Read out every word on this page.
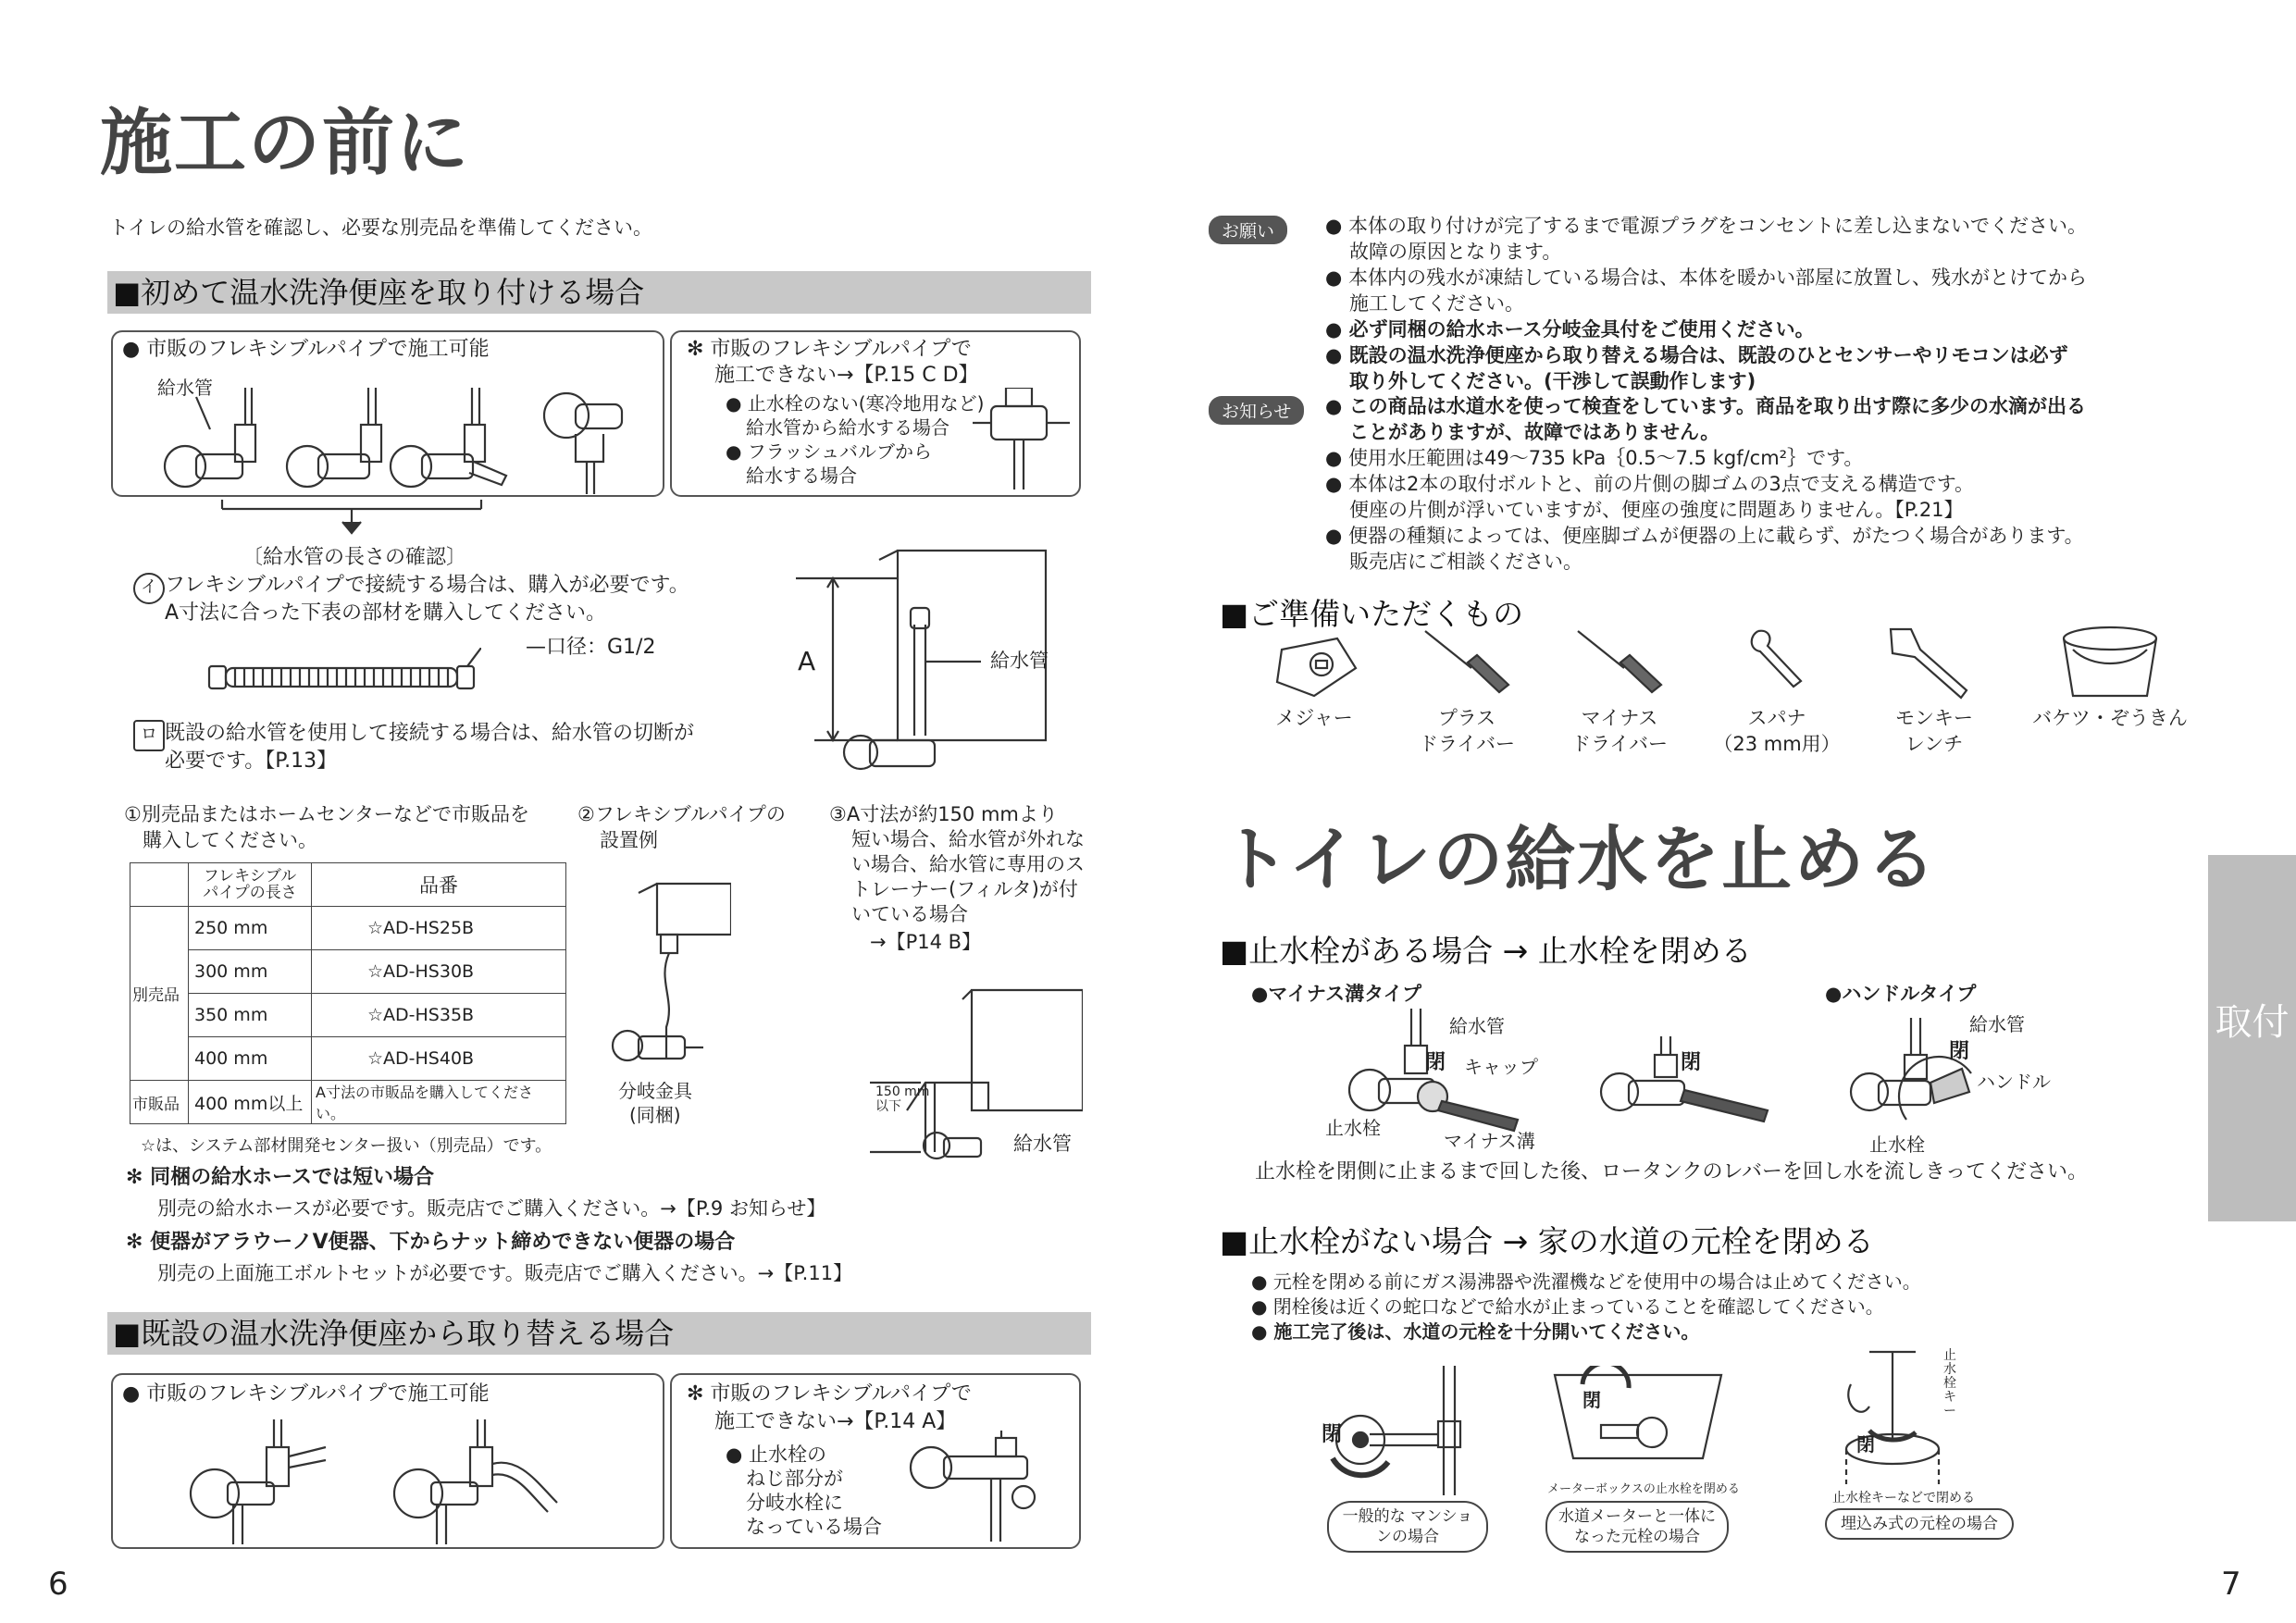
施工の前に
トイレの給水管を確認し、必要な別売品を準備してください。
■初めて温水洗浄便座を取り付ける場合
● 市販のフレキシブルパイプで施工可能
給水管
✻ 市販のフレキシブルパイプで
施工できない→【P.15 C D】
● 止水栓のない(寒冷地用など)
給水管から給水する場合
● フラッシュバルブから
給水する場合
〔給水管の長さの確認〕
イ フレキシブルパイプで接続する場合は、購入が必要です。
A寸法に合った下表の部材を購入してください。
—口径：G1/2
ロ 既設の給水管を使用して接続する場合は、給水管の切断が
必要です。【P.13】
A	給水管
①別売品またはホームセンターなどで市販品を
購入してください。
②フレキシブルパイプの
設置例
③A寸法が約150 mmより
短い場合、給水管が外れな
い場合、給水管に専用のス
トレーナー(フィルタ)が付
いている場合
→【P14 B】
	フレキシブル パイプの長さ	品番
別売品	250 mm	☆AD-HS25B
	300 mm	☆AD-HS30B
	350 mm	☆AD-HS35B
	400 mm	☆AD-HS40B
市販品	400 mm以上	A寸法の市販品を購入してください。
☆は、システム部材開発センター扱い（別売品）です。
分岐金具
(同梱)
150 mm 以下
給水管
✻ 同梱の給水ホースでは短い場合
別売の給水ホースが必要です。販売店でご購入ください。→【P.9 お知らせ】
✻ 便器がアラウーノV便器、下からナット締めできない便器の場合
別売の上面施工ボルトセットが必要です。販売店でご購入ください。→【P.11】
■既設の温水洗浄便座から取り替える場合
● 市販のフレキシブルパイプで施工可能	✻ 市販のフレキシブルパイプで
施工できない→【P.14 A】
● 止水栓の
ねじ部分が
分岐水栓に
なっている場合
6
お願い	● 本体の取り付けが完了するまで電源プラグをコンセントに差し込まないでください。
故障の原因となります。
● 本体内の残水が凍結している場合は、本体を暖かい部屋に放置し、残水がとけてから
施工してください。
● 必ず同梱の給水ホース分岐金具付をご使用ください。
● 既設の温水洗浄便座から取り替える場合は、既設のひとセンサーやリモコンは必ず
取り外してください。(干渉して誤動作します)
お知らせ	● この商品は水道水を使って検査をしています。商品を取り出す際に多少の水滴が出る
ことがありますが、故障ではありません。
● 使用水圧範囲は49～735 kPa｛0.5～7.5 kgf/cm²｝です。
● 本体は2本の取付ボルトと、前の片側の脚ゴムの3点で支える構造です。
便座の片側が浮いていますが、便座の強度に問題ありません。【P.21】
● 便器の種類によっては、便座脚ゴムが便器の上に載らず、がたつく場合があります。
販売店にご相談ください。
■ご準備いただくもの
メジャー	プラス
ドライバー
マイナス
ドライバー
スパナ
（23 mm用）
モンキー
レンチ
バケツ・ぞうきん
トイレの給水を止める
■止水栓がある場合 → 止水栓を閉める
●マイナス溝タイプ	●ハンドルタイプ
給水管
閉 キャップ
止水栓
マイナス溝
閉
給水管
閉
ハンドル
止水栓
止水栓を閉側に止まるまで回した後、ロータンクのレバーを回し水を流しきってください。
■止水栓がない場合 → 家の水道の元栓を閉める
● 元栓を閉める前にガス湯沸器や洗濯機などを使用中の場合は止めてください。
● 閉栓後は近くの蛇口などで給水が止まっていることを確認してください。
● 施工完了後は、水道の元栓を十分開いてください。
閉
一般的な マンションの場合
閉
メーターボックスの止水栓を閉める
水道メーターと一体に なった元栓の場合
止水栓キー
閉
止水栓キーなどで閉める
埋込み式の元栓の場合
取付
7
